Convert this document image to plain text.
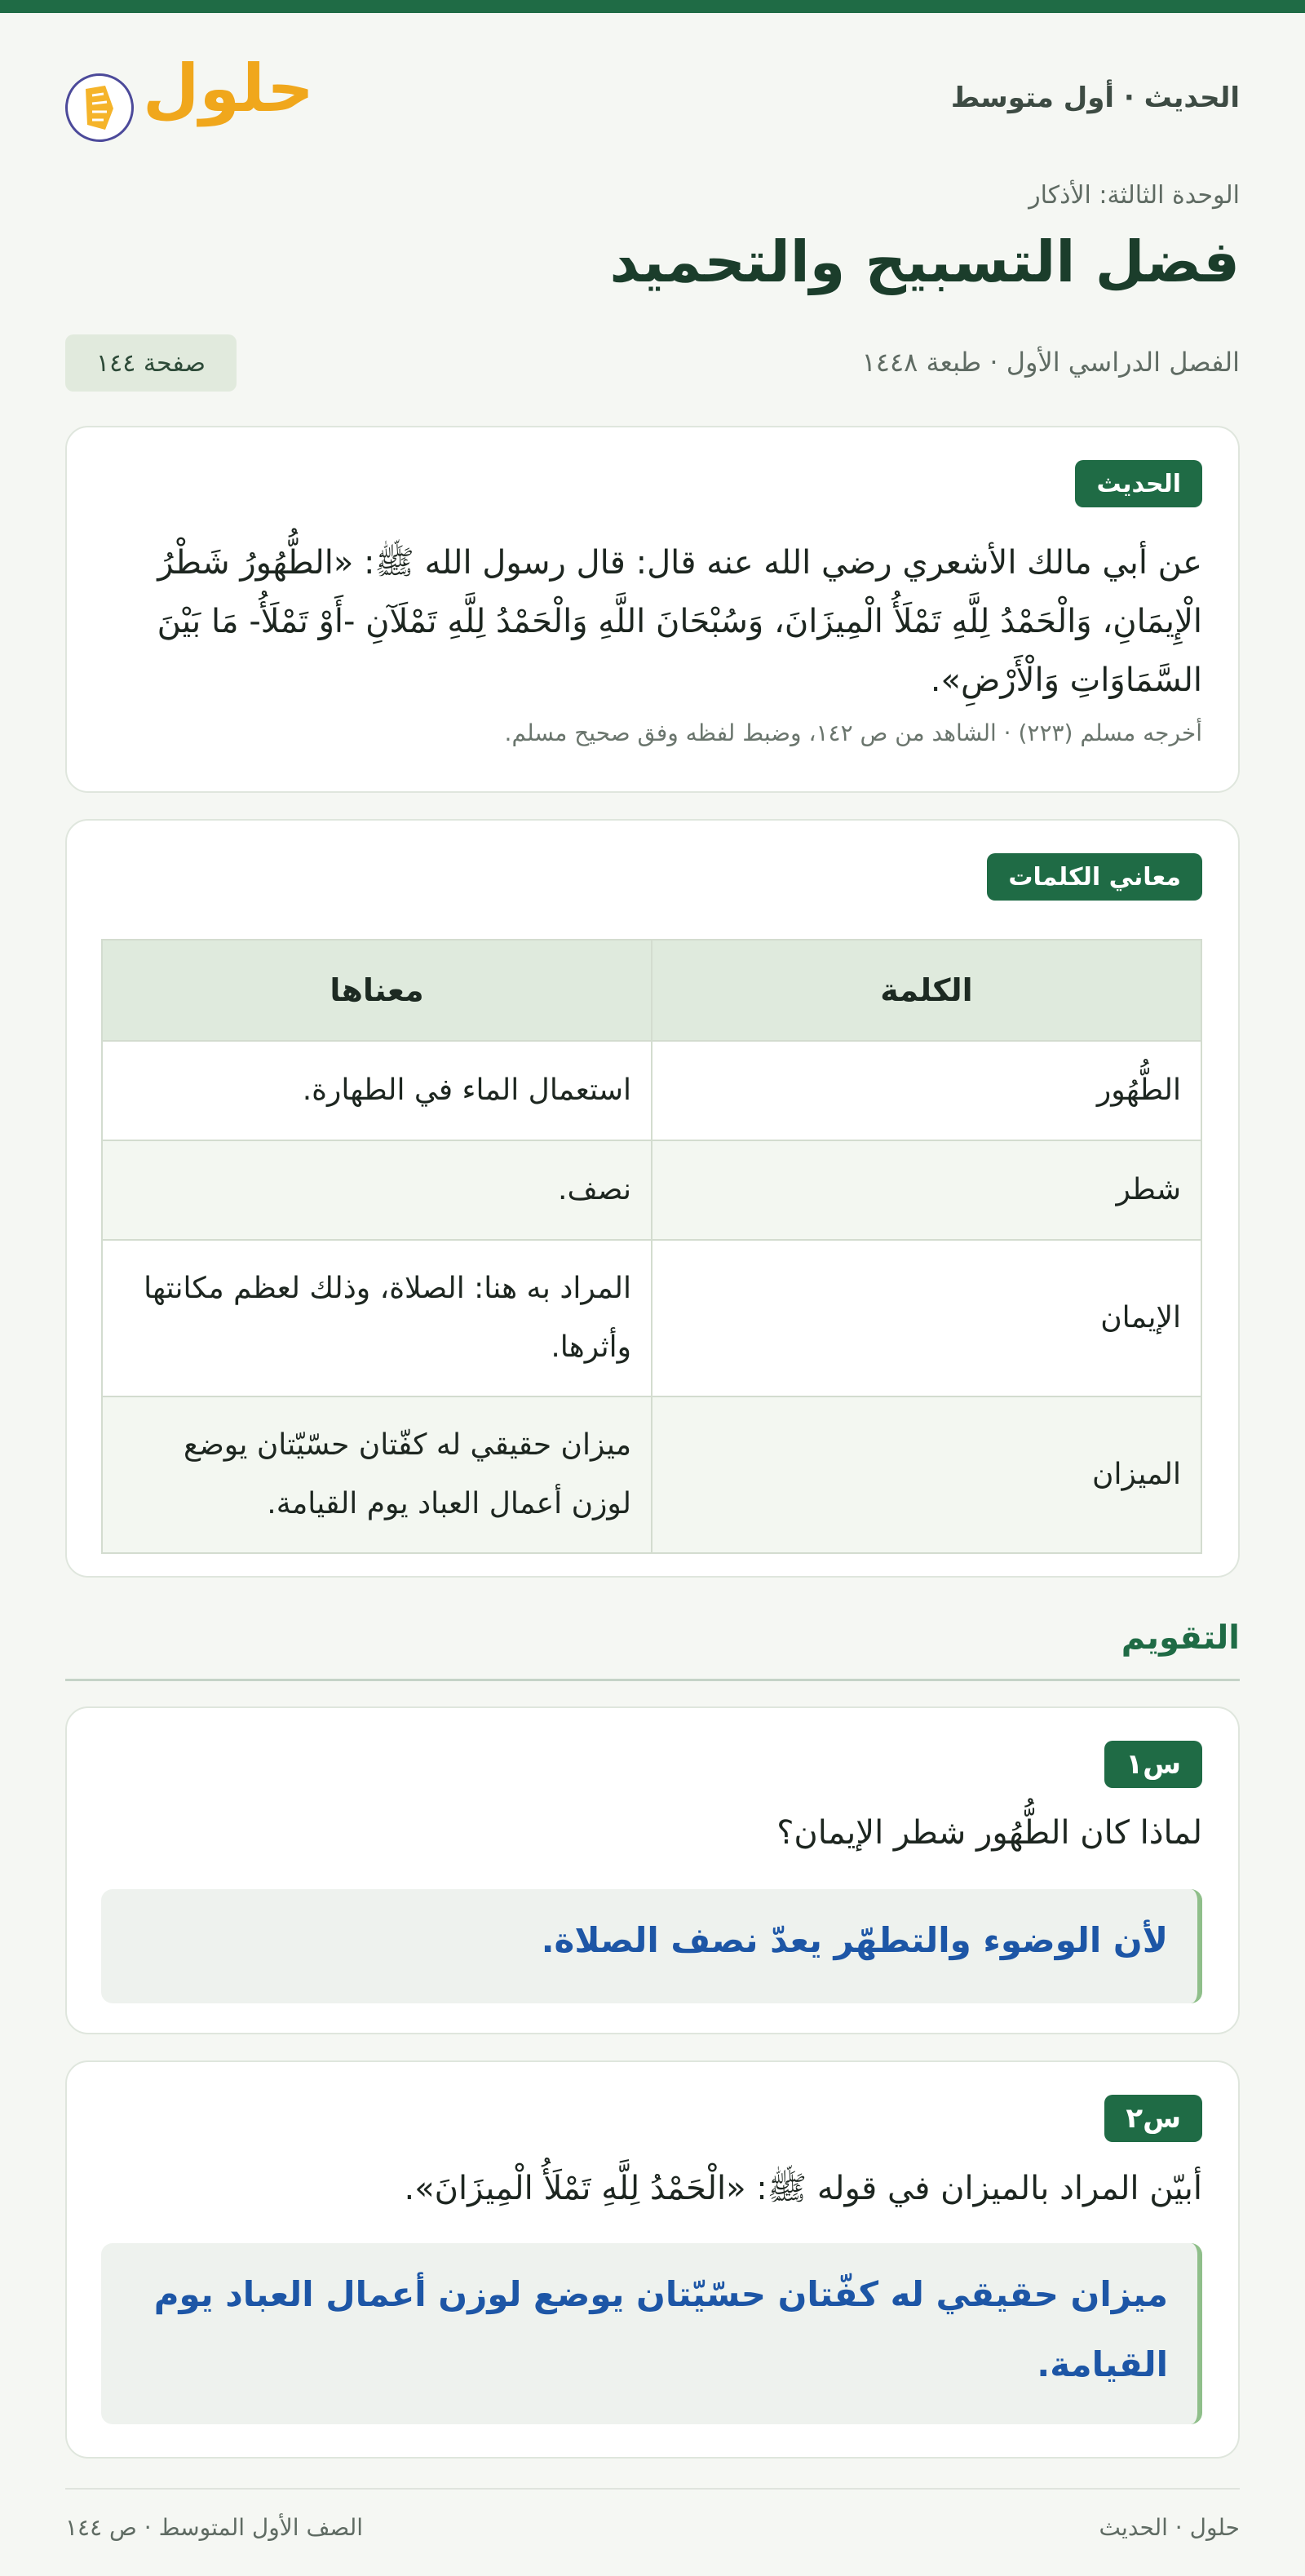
الحديث · أول متوسط
حلول
الوحدة الثالثة: الأذكار
فضل التسبيح والتحميد
الفصل الدراسي الأول · طبعة ١٤٤٨
صفحة ١٤٤
الحديث
عن أبي مالك الأشعري رضي الله عنه قال: قال رسول الله ﷺ: «الطُّهُورُ شَطْرُ الْإِيمَانِ، وَالْحَمْدُ لِلَّهِ تَمْلَأُ الْمِيزَانَ، وَسُبْحَانَ اللَّهِ وَالْحَمْدُ لِلَّهِ تَمْلَآنِ -أَوْ تَمْلَأُ- مَا بَيْنَ السَّمَاوَاتِ وَالْأَرْضِ».
أخرجه مسلم (٢٢٣) · الشاهد من ص ١٤٢، وضبط لفظه وفق صحيح مسلم.
معاني الكلمات
الكلمة	معناها
الطُّهُور	استعمال الماء في الطهارة.
شطر	نصف.
الإيمان	المراد به هنا: الصلاة، وذلك لعظم مكانتها وأثرها.
الميزان	ميزان حقيقي له كفّتان حسّيّتان يوضع لوزن أعمال العباد يوم القيامة.
التقويم
س١
لماذا كان الطُّهُور شطر الإيمان؟
لأن الوضوء والتطهّر يعدّ نصف الصلاة.
س٢
أبيّن المراد بالميزان في قوله ﷺ: «الْحَمْدُ لِلَّهِ تَمْلَأُ الْمِيزَانَ».
ميزان حقيقي له كفّتان حسّيّتان يوضع لوزن أعمال العباد يوم القيامة.
حلول · الحديث
الصف الأول المتوسط · ص ١٤٤
